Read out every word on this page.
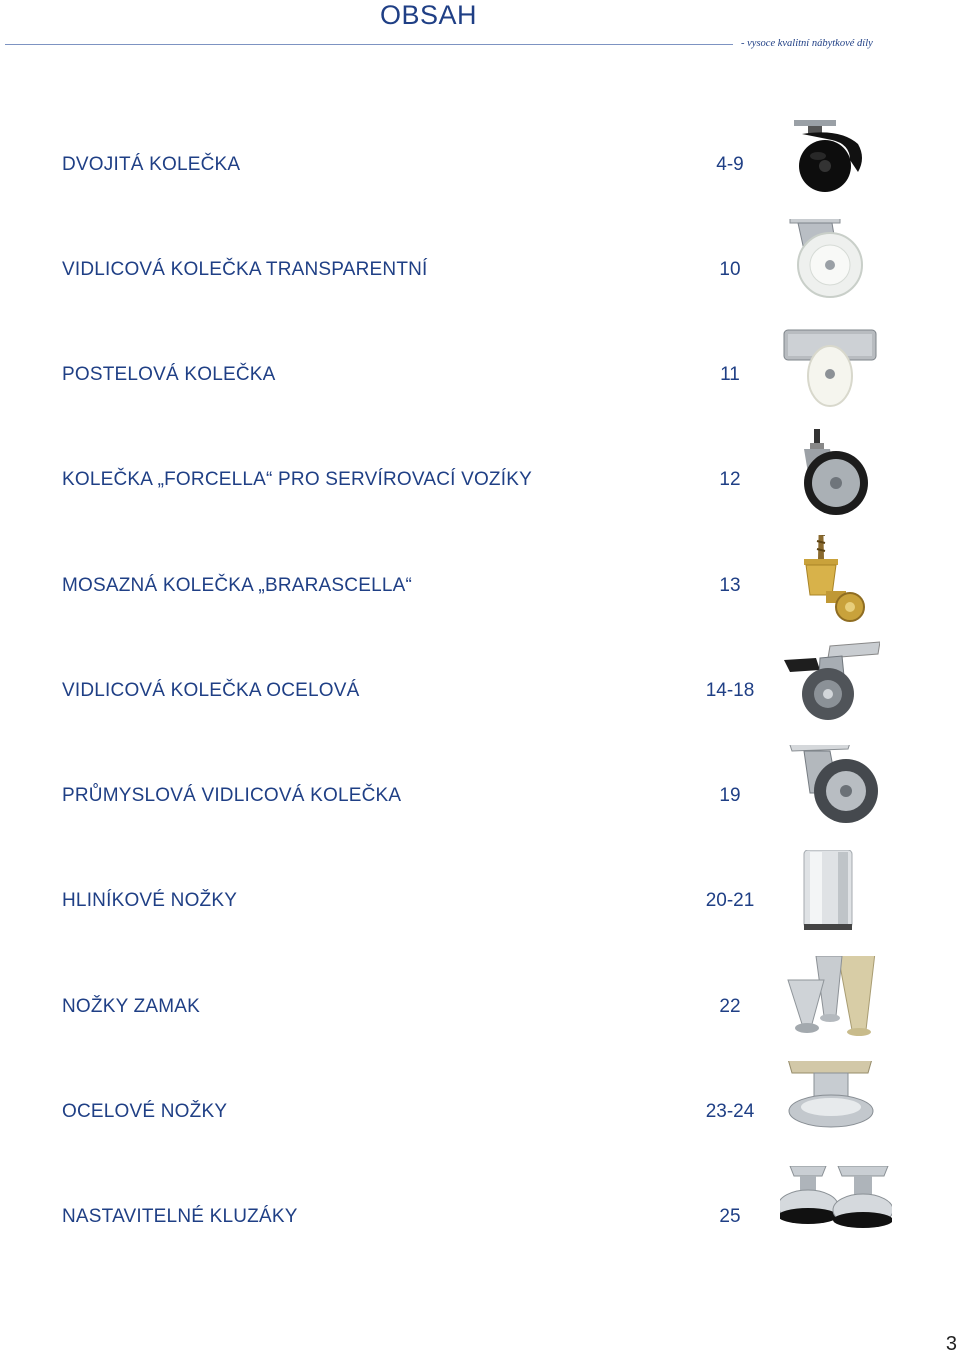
OBSAH
- vysoce kvalitní nábytkové díly
DVOJITÁ KOLEČKA	4-9
VIDLICOVÁ KOLEČKA TRANSPARENTNÍ	10
POSTELOVÁ KOLEČKA	11
KOLEČKA „FORCELLA“ PRO SERVÍROVACÍ VOZÍKY	12
MOSAZNÁ KOLEČKA „BRARASCELLA“	13
VIDLICOVÁ KOLEČKA OCELOVÁ	14-18
PRŮMYSLOVÁ VIDLICOVÁ KOLEČKA	19
HLINÍKOVÉ NOŽKY	20-21
NOŽKY ZAMAK	22
OCELOVÉ NOŽKY	23-24
NASTAVITELNÉ KLUZÁKY	25
3
